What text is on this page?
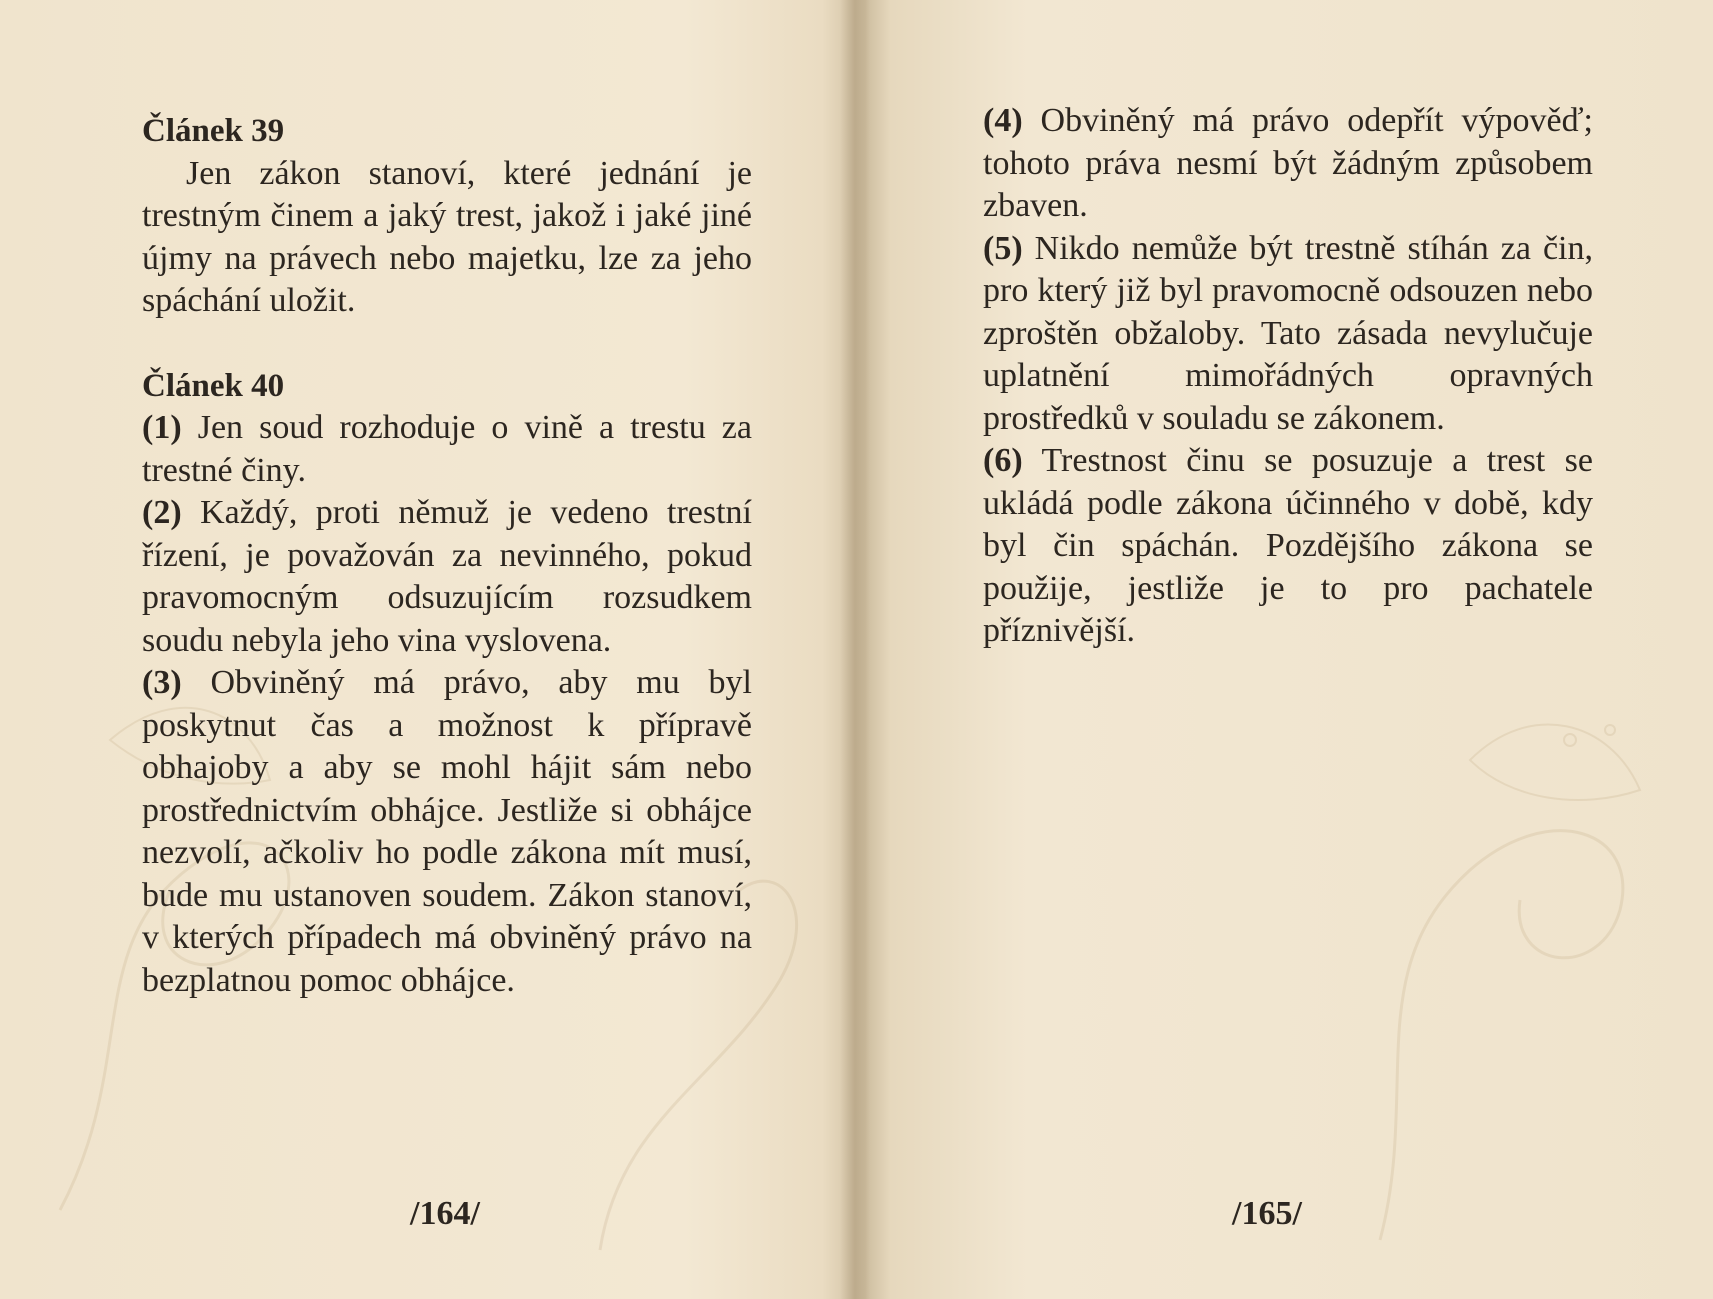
Článek 39

Jen zákon stanoví, které jednání je trestným činem a jaký trest, jakož i jaké jiné újmy na právech nebo majetku, lze za jeho spáchání uložit.

Článek 40

(1) Jen soud rozhoduje o vině a trestu za trestné činy.

(2) Každý, proti němuž je vedeno trestní řízení, je považován za nevinného, pokud pravomocným odsuzujícím rozsudkem soudu nebyla jeho vina vyslovena.

(3) Obviněný má právo, aby mu byl poskytnut čas a možnost k přípravě obhajoby a aby se mohl hájit sám nebo prostřednictvím obhájce. Jestliže si obhájce nezvolí, ačkoliv ho podle zákona mít musí, bude mu ustanoven soudem. Zákon stanoví, v kterých případech má obviněný právo na bezplatnou pomoc obhájce.

/164/

(4) Obviněný má právo odepřít výpověď; tohoto práva nesmí být žádným způsobem zbaven.

(5) Nikdo nemůže být trestně stíhán za čin, pro který již byl pravomocně odsouzen nebo zproštěn obžaloby. Tato zásada nevylučuje uplatnění mimořádných opravných prostředků v souladu se zákonem.

(6) Trestnost činu se posuzuje a trest se ukládá podle zákona účinného v době, kdy byl čin spáchán. Pozdějšího zákona se použije, jestliže je to pro pachatele příznivější.

/165/
